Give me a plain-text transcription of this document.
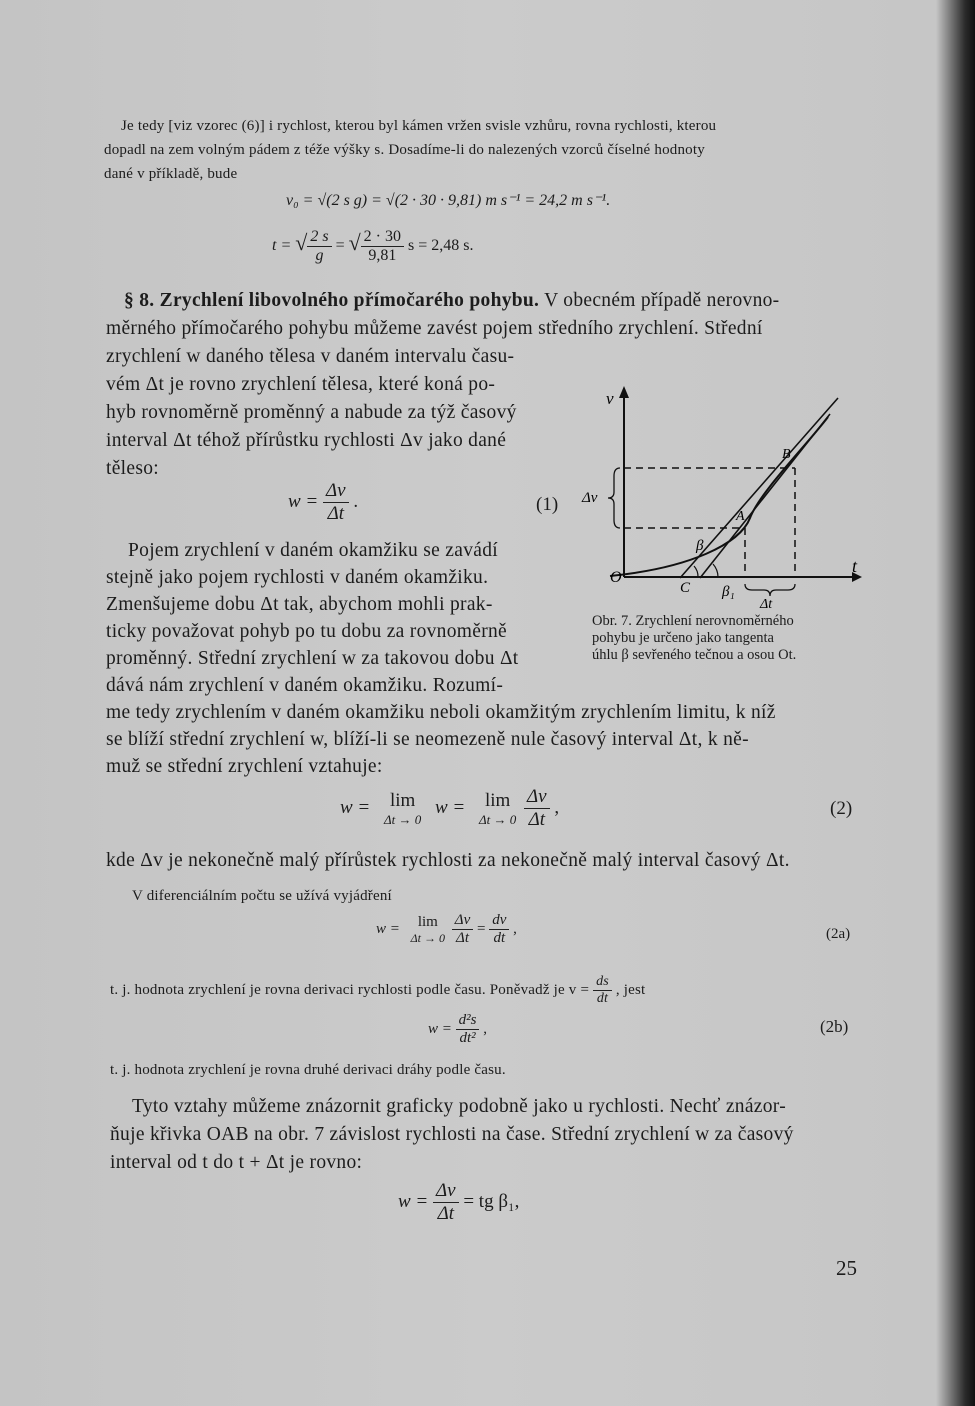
Je tedy [viz vzorec (6)] i rychlost, kterou byl kámen vržen svisle vzhůru, rovna rychlosti, kterou
dopadl na zem volným pádem z téže výšky s. Dosadíme-li do nalezených vzorců číselné hodnoty
dané v příkladě, bude
v₀ = √(2 s g) = √(2 · 30 · 9,81) m s⁻¹ = 24,2 m s⁻¹.
t = √ $\frac{2 s}{g}$ = √ $\frac{2 \cdot 30}{9,81}$ s = 2,48 s.
§ 8. Zrychlení libovolného přímočarého pohybu. V obecném případě nerovno-
měrného přímočarého pohybu můžeme zavést pojem středního zrychlení. Střední
zrychlení w daného tělesa v daném intervalu času-
vém Δt je rovno zrychlení tělesa, které koná po-
hyb rovnoměrně proměnný a nabude za týž časový
interval Δt téhož přírůstku rychlosti Δv jako dané
těleso:
$w = \frac{\Delta v}{\Delta t}$ .	(1)
Pojem zrychlení v daném okamžiku se zavádí
stejně jako pojem rychlosti v daném okamžiku.
Zmenšujeme dobu Δt tak, abychom mohli prak-
ticky považovat pohyb po tu dobu za rovnoměrně
proměnný. Střední zrychlení w za takovou dobu Δt
dává nám zrychlení v daném okamžiku. Rozumí-
me tedy zrychlením v daném okamžiku neboli okamžitým zrychlením limitu, k níž
se blíží střední zrychlení w, blíží-li se neomezeně nule časový interval Δt, k ně-
muž se střední zrychlení vztahuje:
v
t
O
A
B
C
β
β₁
Δv
Δt
Obr. 7. Zrychlení nerovnoměrného
pohybu je určeno jako tangenta
úhlu β sevřeného tečnou a osou Ot.
w =	lim
Δt → 0
w =	lim
Δt → 0
$\frac{\Delta v}{\Delta t}$ ,	(2)
kde Δv je nekonečně malý přírůstek rychlosti za nekonečně malý interval časový Δt.
V diferenciálním počtu se užívá vyjádření
w =	lim
Δt → 0
$\frac{\Delta v}{\Delta t} = \frac{dv}{dt}$ ,	(2a)
t. j. hodnota zrychlení je rovna derivaci rychlosti podle času. Poněvadž je $v = \frac{ds}{dt}$ , jest
$w = \frac{\text{d²s}}{\text{dt²}}$ ,	(2b)
t. j. hodnota zrychlení je rovna druhé derivaci dráhy podle času.
Tyto vztahy můžeme znázornit graficky podobně jako u rychlosti. Nechť znázor-
ňuje křivka OAB na obr. 7 závislost rychlosti na čase. Střední zrychlení w za časový
interval od t do t + Δt je rovno:
$w = \frac{\Delta v}{\Delta t}$ = tg β₁,
25
